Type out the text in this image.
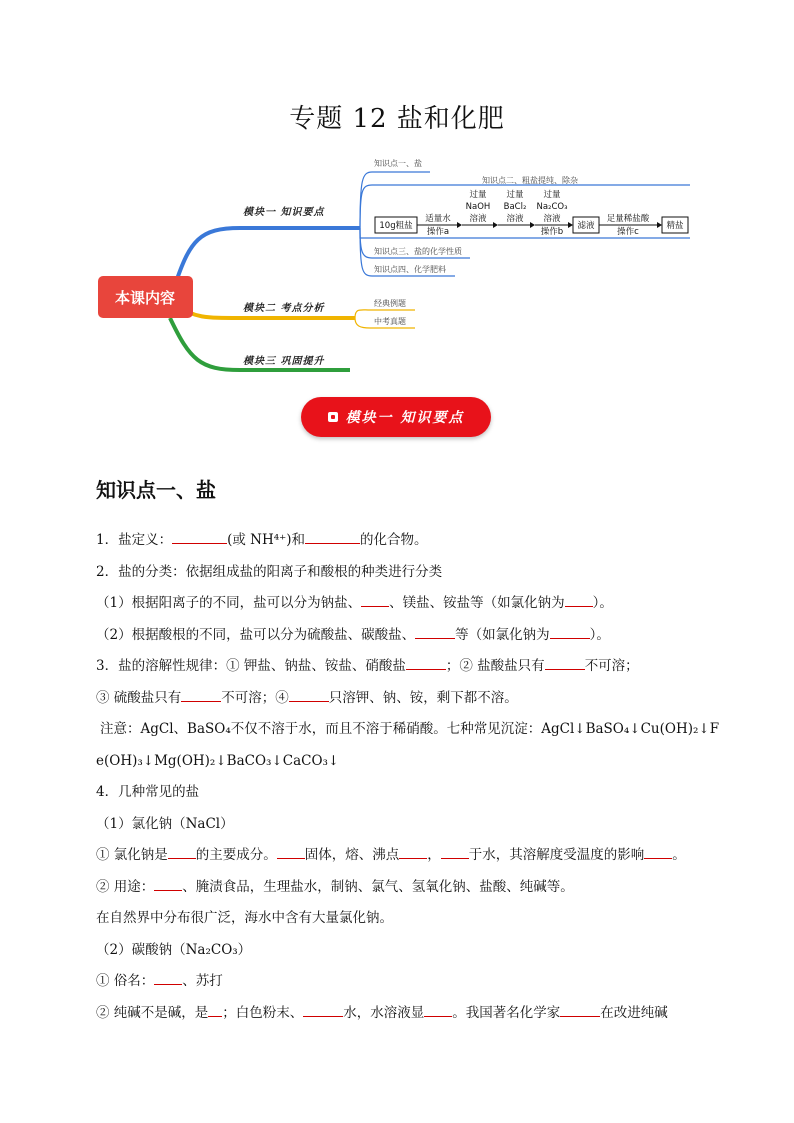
专题 12 盐和化肥
本课内容
模块一 知识要点
模块二 考点分析
模块三 巩固提升
知识点一、盐
知识点二、粗盐提纯、除杂
知识点三、盐的化学性质
知识点四、化学肥料
经典例题
中考真题
10g粗盐
适量水
操作a
过量
NaOH
溶液
过量
BaCl₂
溶液
过量
Na₂CO₃
溶液
操作b
滤液
足量稀盐酸
操作c
精盐
模块一 知识要点
知识点一、盐
1．盐定义：	(或 NH⁴⁺)和	的化合物。
2．盐的分类：依据组成盐的阳离子和酸根的种类进行分类
（1）根据阳离子的不同，盐可以分为钠盐、 、镁盐、铵盐等（如氯化钠为 ）。
（2）根据酸根的不同，盐可以分为硫酸盐、碳酸盐、	等（如氯化钠为	）。
3．盐的溶解性规律：① 钾盐、钠盐、铵盐、硝酸盐	；② 盐酸盐只有	不可溶；
③ 硫酸盐只有	不可溶；④	只溶钾、钠、铵，剩下都不溶。
注意：AgCl、BaSO₄不仅不溶于水，而且不溶于稀硝酸。七种常见沉淀：AgCl↓BaSO₄↓Cu(OH)₂↓F
e(OH)₃↓Mg(OH)₂↓BaCO₃↓CaCO₃↓
4．几种常见的盐
（1）氯化钠（NaCl）
① 氯化钠是 的主要成分。 固体，熔、沸点 ， 于水，其溶解度受温度的影响 。
② 用途： 、腌渍食品，生理盐水，制钠、氯气、氢氧化钠、盐酸、纯碱等。
在自然界中分布很广泛，海水中含有大量氯化钠。
（2）碳酸钠（Na₂CO₃）
① 俗名： 、苏打
② 纯碱不是碱，是 ；白色粉末、	水，水溶液显 。我国著名化学家	在改进纯碱
